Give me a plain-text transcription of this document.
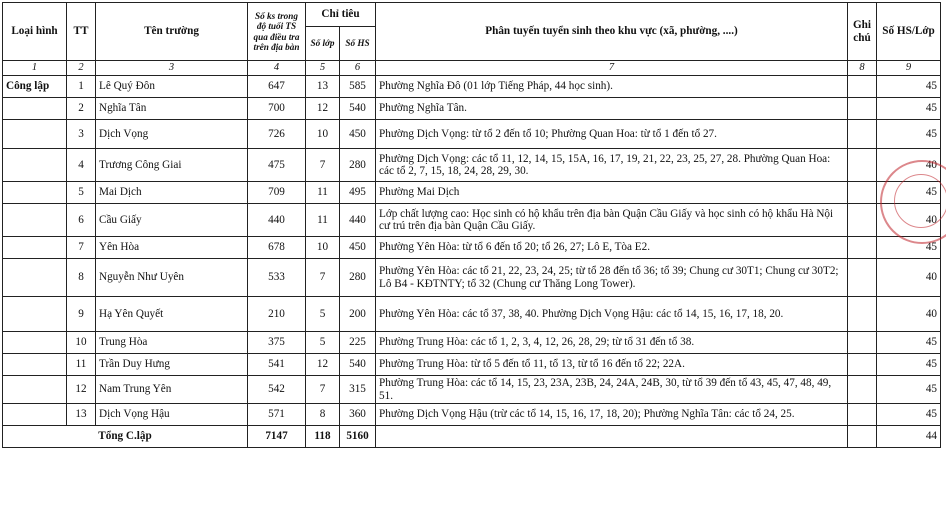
Loại hình	TT	Tên trường	Số ks trong độ tuổi TS qua điều tra trên địa bàn	Chỉ tiêu		Phân tuyến tuyển sinh theo khu vực (xã, phường, ....)	Ghi chú	Số HS/Lớp
				Số lớp	Số HS			
1	2	3	4	5	6	7	8	9
Công lập	1	Lê Quý Đôn	647	13	585	Phường Nghĩa Đô (01 lớp Tiếng Pháp, 44 học sinh).		45
	2	Nghĩa Tân	700	12	540	Phường Nghĩa Tân.		45
	3	Dịch Vọng	726	10	450	Phường Dịch Vọng: từ tổ 2 đến tổ 10; Phường Quan Hoa: từ tổ 1 đến tổ 27.		45
	4	Trương Công Giai	475	7	280	Phường Dịch Vọng: các tổ 11, 12, 14, 15, 15A, 16, 17, 19, 21, 22, 23, 25, 27, 28. Phường Quan Hoa: các tổ 2, 7, 15, 18, 24, 28, 29, 30.		40
	5	Mai Dịch	709	11	495	Phường Mai Dịch		45
	6	Cầu Giấy	440	11	440	Lớp chất lượng cao: Học sinh có hộ khẩu trên địa bàn Quận Cầu Giấy và học sinh có hộ khẩu Hà Nội cư trú trên địa bàn Quận Cầu Giấy.		40
	7	Yên Hòa	678	10	450	Phường Yên Hòa: từ tổ 6 đến tổ 20; tổ 26, 27; Lô E, Tòa E2.		45
	8	Nguyễn Như Uyên	533	7	280	Phường Yên Hòa: các tổ 21, 22, 23, 24, 25; từ tổ 28 đến tổ 36; tổ 39; Chung cư 30T1; Chung cư 30T2; Lô B4 - KĐTNTY; tổ 32 (Chung cư Thăng Long Tower).		40
	9	Hạ Yên Quyết	210	5	200	Phường Yên Hòa: các tổ 37, 38, 40. Phường Dịch Vọng Hậu: các tổ 14, 15, 16, 17, 18, 20.		40
	10	Trung Hòa	375	5	225	Phường Trung Hòa: các tổ 1, 2, 3, 4, 12, 26, 28, 29; từ tổ 31 đến tổ 38.		45
	11	Trần Duy Hưng	541	12	540	Phường Trung Hòa: từ tổ 5 đến tổ 11, tổ 13, từ tổ 16 đến tổ 22; 22A.		45
	12	Nam Trung Yên	542	7	315	Phường Trung Hòa: các tổ 14, 15, 23, 23A, 23B, 24, 24A, 24B, 30, từ tổ 39 đến tổ 43, 45, 47, 48, 49, 51.		45
	13	Dịch Vọng Hậu	571	8	360	Phường Dịch Vọng Hậu (trừ các tổ 14, 15, 16, 17, 18, 20); Phường Nghĩa Tân: các tổ 24, 25.		45
Tổng C.lập			7147	118	5160			44
